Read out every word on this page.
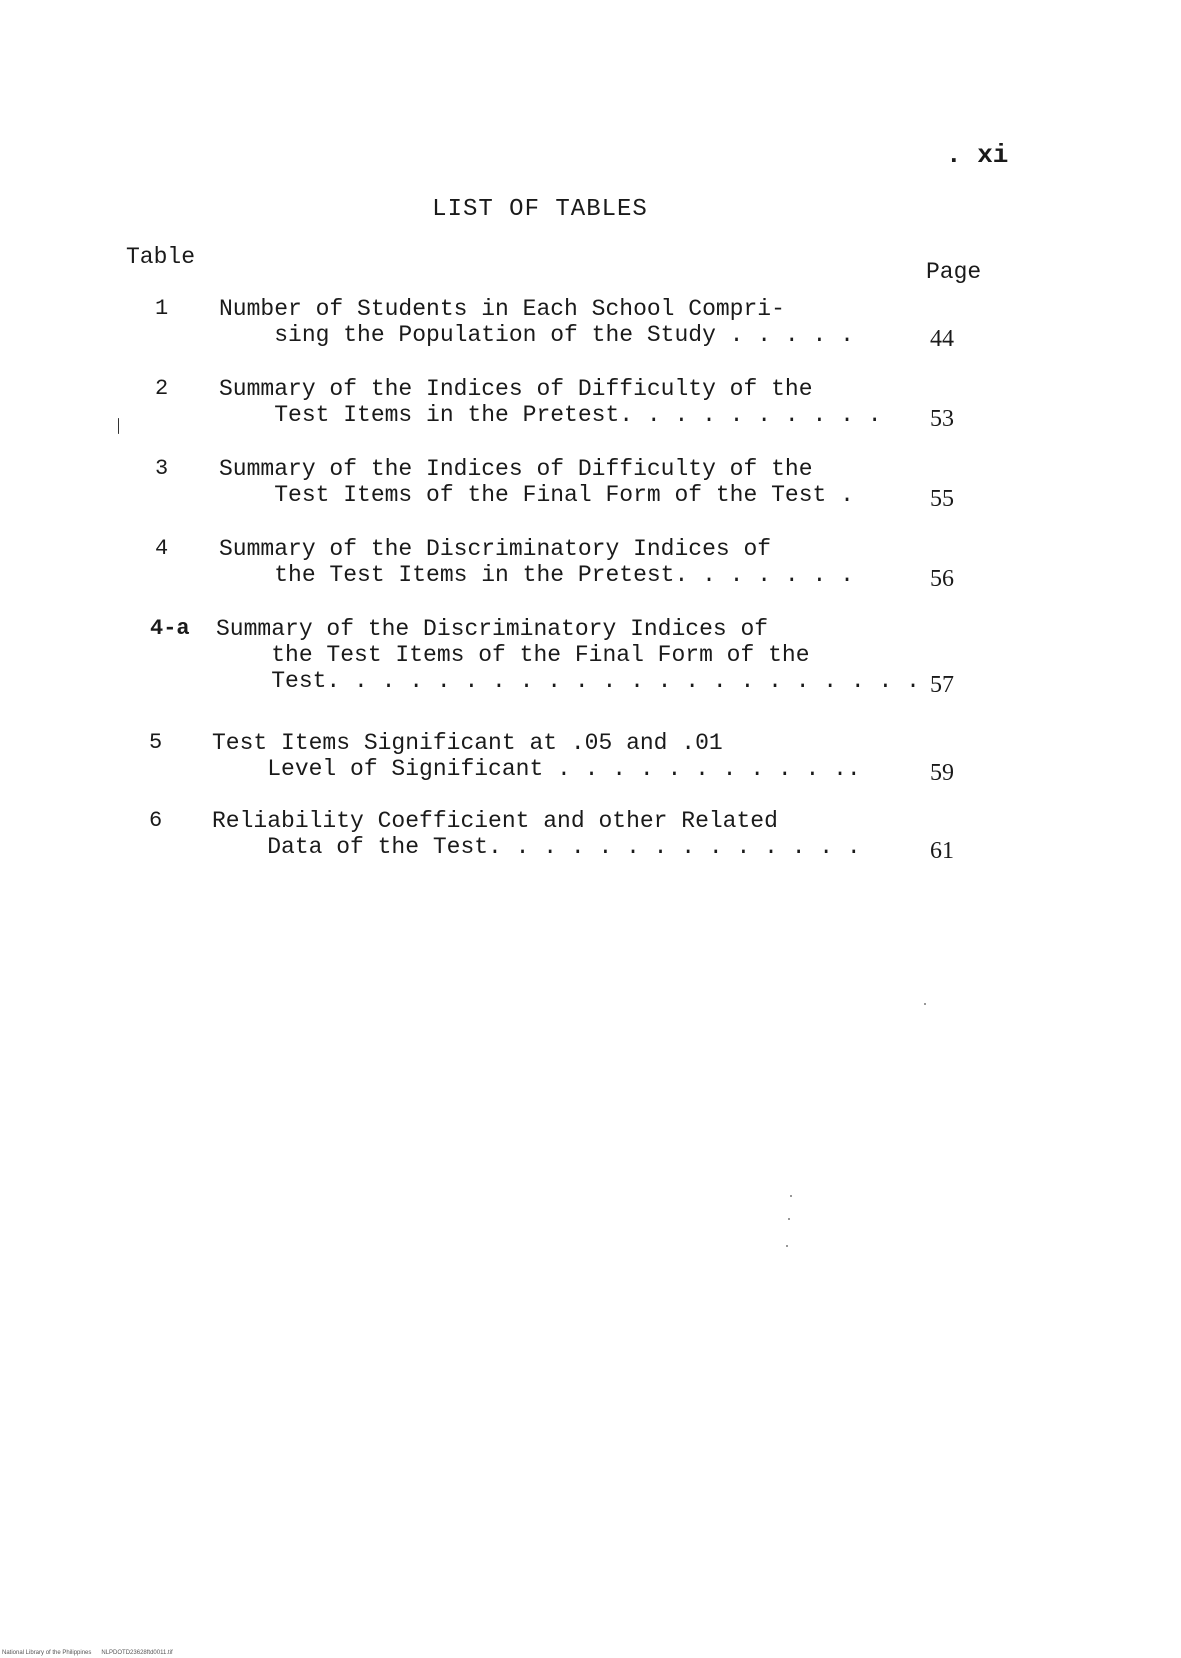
. xi
LIST OF TABLES
Table
Page
1 Number of Students in Each School Compri-
sing the Population of the Study . . . . .	44
2 Summary of the Indices of Difficulty of the
Test Items in the Pretest. . . . . . . . . . 53
3 Summary of the Indices of Difficulty of the
Test Items of the Final Form of the Test .	55
4 Summary of the Discriminatory Indices of
the Test Items in the Pretest. . . . . . .	56
4-a Summary of the Discriminatory Indices of
the Test Items of the Final Form of the
Test. . . . . . . . . . . . . . . . . . . . . . 57
5 Test Items Significant at .05 and .01
Level of Significant . . . . . . . . . . ..	59
6 Reliability Coefficient and other Related
Data of the Test. . . . . . . . . . . . . .	61
National Library of the Philippines      NLPDOTD23628ftd0011.tif
